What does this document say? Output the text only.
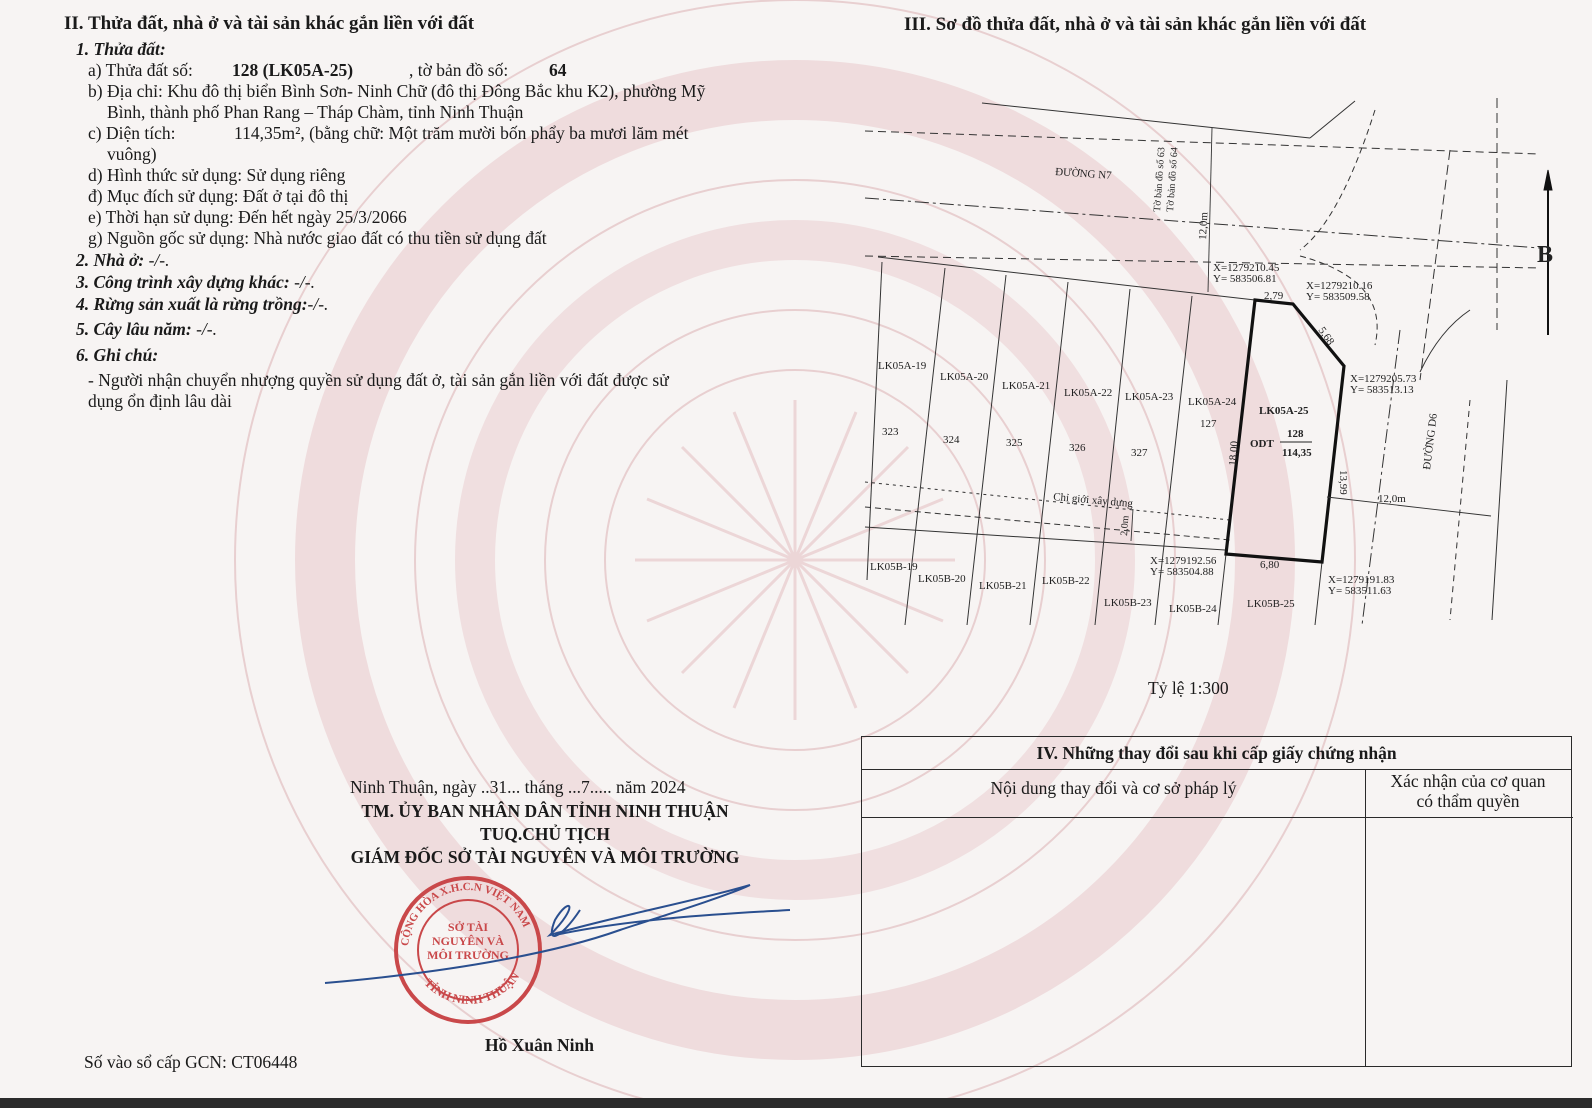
II. Thửa đất, nhà ở và tài sản khác gắn liền với đất
1. Thửa đất:
a) Thửa đất số: 128 (LK05A-25)	, tờ bản đồ số: 64
b) Địa chỉ: Khu đô thị biển Bình Sơn- Ninh Chữ (đô thị Đông Bắc khu K2), phường Mỹ
Bình, thành phố Phan Rang – Tháp Chàm, tỉnh Ninh Thuận
c) Diện tích:	114,35m², (bằng chữ: Một trăm mười bốn phẩy ba mươi lăm mét
vuông)
d) Hình thức sử dụng: Sử dụng riêng
đ) Mục đích sử dụng: Đất ở tại đô thị
e) Thời hạn sử dụng: Đến hết ngày 25/3/2066
g) Nguồn gốc sử dụng: Nhà nước giao đất có thu tiền sử dụng đất
2. Nhà ở: -/-.
3. Công trình xây dựng khác: -/-.
4. Rừng sản xuất là rừng trồng:-/-.
5. Cây lâu năm: -/-.
6. Ghi chú:
- Người nhận chuyển nhượng quyền sử dụng đất ở, tài sản gắn liền với đất được sử
dụng ổn định lâu dài
III. Sơ đồ thửa đất, nhà ở và tài sản khác gắn liền với đất
ĐƯỜNG N7
ĐƯỜNG D6
Tờ bản đồ số 63
Tờ bản đồ số 64
12,0m
12,0m
Chỉ giới xây dựng
2,0m
B
X=1279210.45
Y= 583506.81
X=1279210.16
Y= 583509.58
X=1279205.73
Y= 583513.13
X=1279192.56
Y= 583504.88
X=1279191.83
Y= 583511.63
2,79
5,68
13,99
6,80
18,00
LK05A-25
ODT
128
114,35
LK05A-19
323
LK05A-20
324
LK05A-21
325
LK05A-22
326
LK05A-23
327
LK05A-24
127
LK05B-19
LK05B-20
LK05B-21 LK05B-22
LK05B-23 LK05B-24	LK05B-25
Tỷ lệ 1:300
Ninh Thuận, ngày ..31... tháng ...7..... năm 2024
TM. ỦY BAN NHÂN DÂN TỈNH NINH THUẬN
TUQ.CHỦ TỊCH
GIÁM ĐỐC SỞ TÀI NGUYÊN VÀ MÔI TRƯỜNG
CỘNG HÒA X.H.C.N VIỆT NAM
TỈNH NINH THUẬN
SỞ TÀI NGUYÊN VÀ MÔI TRƯỜNG
Hồ Xuân Ninh
Số vào sổ cấp GCN: CT06448
IV. Những thay đổi sau khi cấp giấy chứng nhận
Nội dung thay đổi và cơ sở pháp lý	Xác nhận của cơ quan
có thẩm quyền
